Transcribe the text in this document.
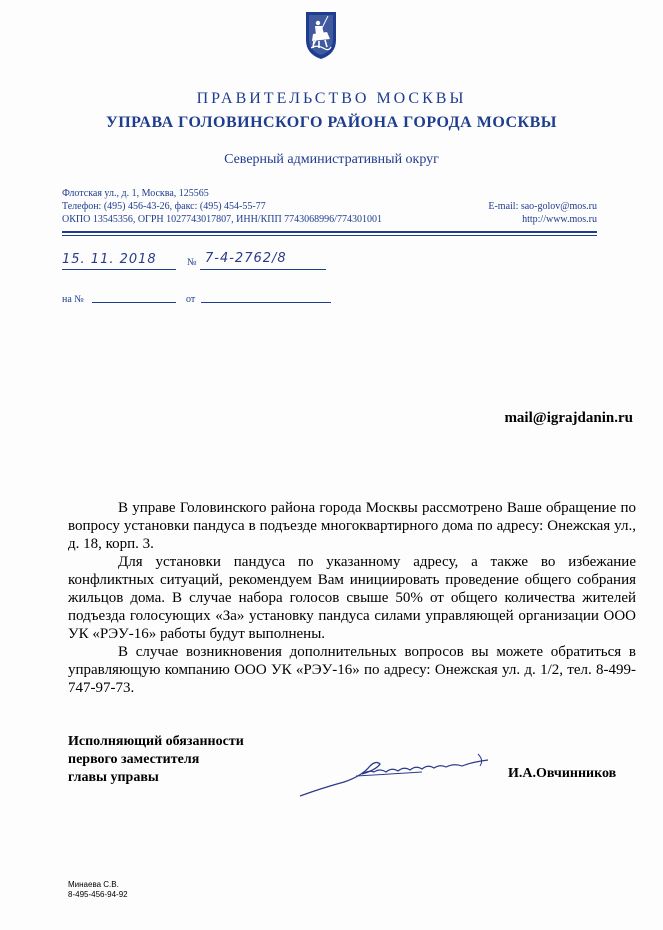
ПРАВИТЕЛЬСТВО МОСКВЫ
УПРАВА ГОЛОВИНСКОГО РАЙОНА ГОРОДА МОСКВЫ
Северный административный округ
Флотская ул., д. 1, Москва, 125565
Телефон: (495) 456-43-26, факс: (495) 454-55-77
ОКПО 13545356, ОГРН 1027743017807, ИНН/КПП 7743068996/774301001
E-mail: sao-golov@mos.ru
http://www.mos.ru
15. 11. 2018	№ 7-4-2762/8
на №	от
mail@igrajdanin.ru

В управе Головинского района города Москвы рассмотрено Ваше обращение по вопросу установки пандуса в подъезде многоквартирного дома по адресу: Онежская ул., д. 18, корп. 3.

Для установки пандуса по указанному адресу, а также во избежание конфликтных ситуаций, рекомендуем Вам инициировать проведение общего собрания жильцов дома. В случае набора голосов свыше 50% от общего количества жителей подъезда голосующих «За» установку пандуса силами управляющей организации ООО УК «РЭУ-16» работы будут выполнены.

В случае возникновения дополнительных вопросов вы можете обратиться в управляющую компанию ООО УК «РЭУ-16» по адресу: Онежская ул. д. 1/2, тел. 8-499-747-97-73.

Исполняющий обязанности
первого заместителя
главы управы	И.А.Овчинников
Минаева С.В.
8-495-456-94-92
